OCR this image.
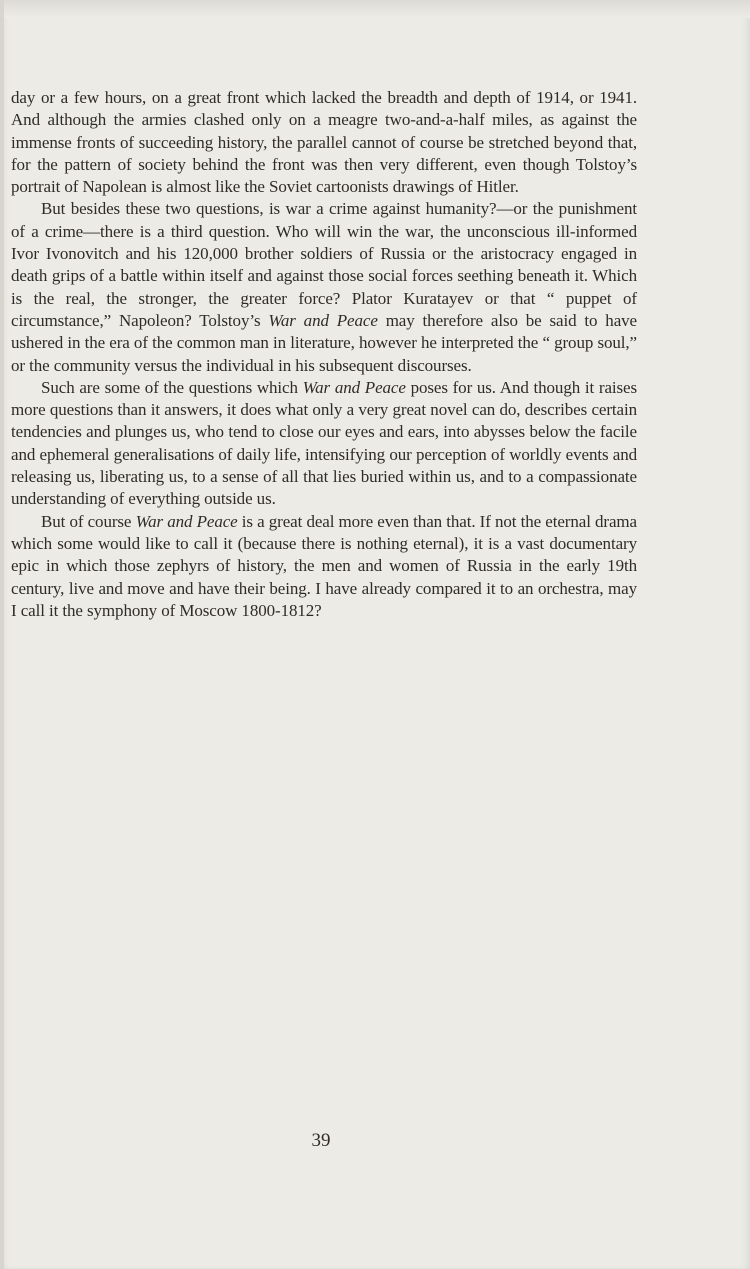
day or a few hours, on a great front which lacked the breadth and depth of 1914, or 1941. And although the armies clashed only on a meagre two-and-a-half miles, as against the immense fronts of succeeding history, the parallel cannot of course be stretched beyond that, for the pattern of society behind the front was then very different, even though Tolstoy’s portrait of Napolean is almost like the Soviet cartoonists drawings of Hitler.

But besides these two questions, is war a crime against humanity?—or the punishment of a crime—there is a third question. Who will win the war, the unconscious ill-informed Ivor Ivonovitch and his 120,000 brother soldiers of Russia or the aristocracy engaged in death grips of a battle within itself and against those social forces seething beneath it. Which is the real, the stronger, the greater force? Plator Kuratayev or that “ puppet of circumstance,” Napoleon? Tolstoy’s War and Peace may therefore also be said to have ushered in the era of the common man in literature, however he interpreted the “ group soul,” or the community versus the individual in his subsequent discourses.

Such are some of the questions which War and Peace poses for us. And though it raises more questions than it answers, it does what only a very great novel can do, describes certain tendencies and plunges us, who tend to close our eyes and ears, into abysses below the facile and ephemeral generalisations of daily life, intensifying our perception of worldly events and releasing us, liberating us, to a sense of all that lies buried within us, and to a compassionate understanding of everything outside us.

But of course War and Peace is a great deal more even than that. If not the eternal drama which some would like to call it (because there is nothing eternal), it is a vast documentary epic in which those zephyrs of history, the men and women of Russia in the early 19th century, live and move and have their being. I have already compared it to an orchestra, may I call it the symphony of Moscow 1800-1812?

39
